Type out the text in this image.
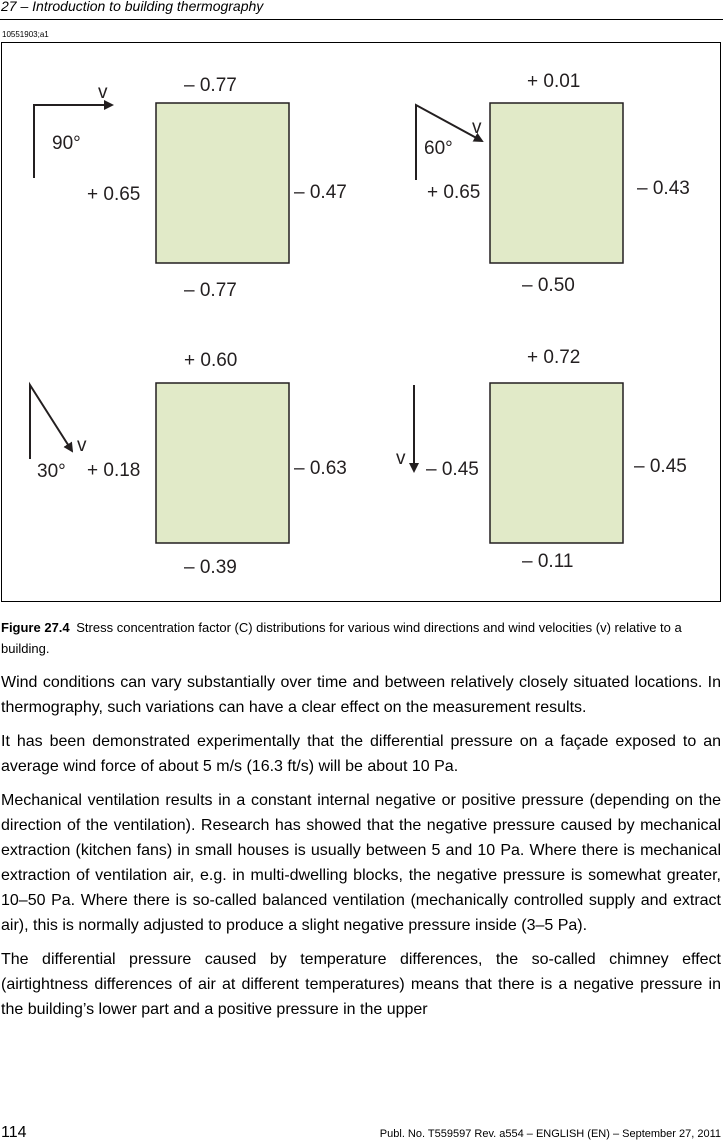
27 – Introduction to building thermography
10551903;a1
v
90°
– 0.77
+ 0.65	– 0.47
– 0.77
v
60°
+ 0.01
+ 0.65	– 0.43
– 0.50
v
30°
+ 0.60
+ 0.18	– 0.63
– 0.39
v
– 0.45
+ 0.72
– 0.45
– 0.11
Figure 27.4 Stress concentration factor (C) distributions for various wind directions and wind velocities (v) relative to a building.

Wind conditions can vary substantially over time and between relatively closely situated locations. In thermography, such variations can have a clear effect on the measurement results.

It has been demonstrated experimentally that the differential pressure on a façade exposed to an average wind force of about 5 m/s (16.3 ft/s) will be about 10 Pa.

Mechanical ventilation results in a constant internal negative or positive pressure (depending on the direction of the ventilation). Research has showed that the negative pressure caused by mechanical extraction (kitchen fans) in small houses is usually between 5 and 10 Pa. Where there is mechanical extraction of ventilation air, e.g. in multi-dwelling blocks, the negative pressure is somewhat greater, 10–50 Pa. Where there is so-called balanced ventilation (mechanically controlled supply and extract air), this is normally adjusted to produce a slight negative pressure inside (3–5 Pa).

The differential pressure caused by temperature differences, the so-called chimney effect (airtightness differences of air at different temperatures) means that there is a negative pressure in the building’s lower part and a positive pressure in the upper

114	Publ. No. T559597 Rev. a554 – ENGLISH (EN) – September 27, 2011
